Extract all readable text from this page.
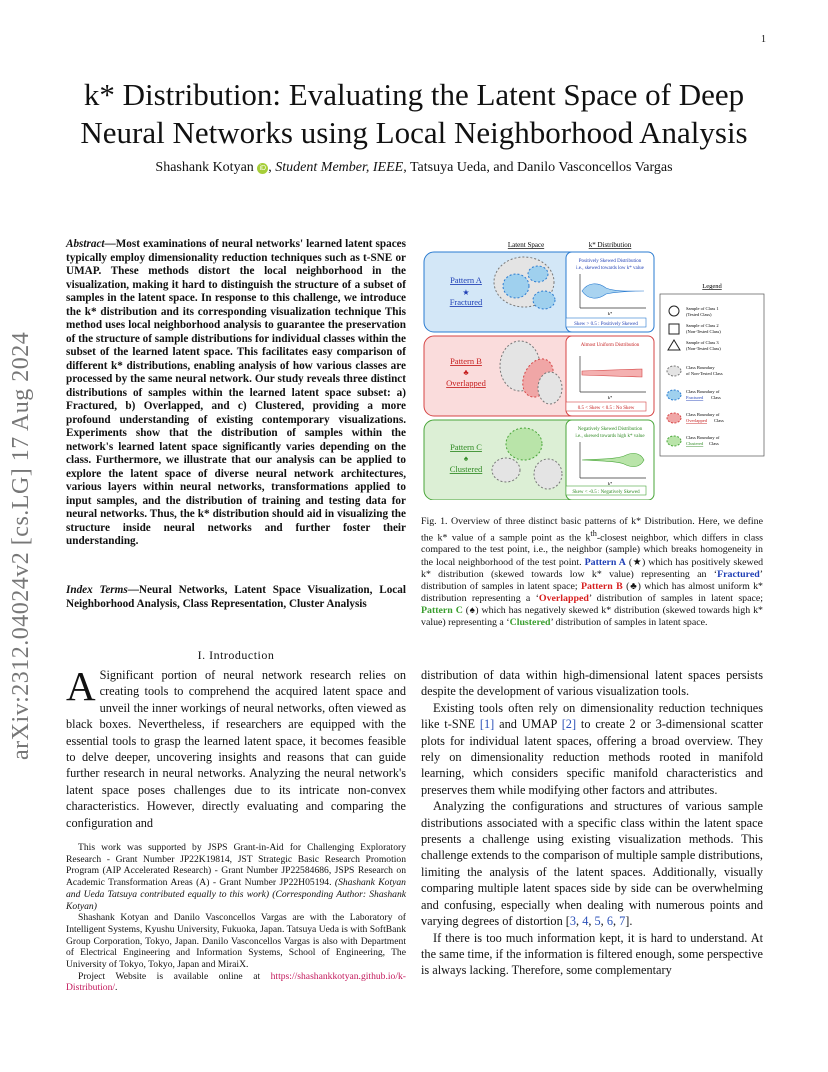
1
arXiv:2312.04024v2 [cs.LG] 17 Aug 2024
k* Distribution: Evaluating the Latent Space of Deep Neural Networks using Local Neighborhood Analysis
Shashank Kotyan iD , Student Member, IEEE, Tatsuya Ueda, and Danilo Vasconcellos Vargas
Abstract—Most examinations of neural networks' learned latent spaces typically employ dimensionality reduction techniques such as t-SNE or UMAP. These methods distort the local neighborhood in the visualization, making it hard to distinguish the structure of a subset of samples in the latent space. In response to this challenge, we introduce the k* distribution and its corresponding visualization technique This method uses local neighborhood analysis to guarantee the preservation of the structure of sample distributions for individual classes within the subset of the learned latent space. This facilitates easy comparison of different k* distributions, enabling analysis of how various classes are processed by the same neural network. Our study reveals three distinct distributions of samples within the learned latent space subset: a) Fractured, b) Overlapped, and c) Clustered, providing a more profound understanding of existing contemporary visualizations. Experiments show that the distribution of samples within the network's learned latent space significantly varies depending on the class. Furthermore, we illustrate that our analysis can be applied to explore the latent space of diverse neural network architectures, various layers within neural networks, transformations applied to input samples, and the distribution of training and testing data for neural networks. Thus, the k* distribution should aid in visualizing the structure inside neural networks and further foster their understanding.
Index Terms—Neural Networks, Latent Space Visualization, Local Neighborhood Analysis, Class Representation, Cluster Analysis
Latent Space	k* Distribution
Pattern A
★
Fractured
Positively Skewed Distribution
i.e., skewed towards low k* value
k*
Skew > 0.5 : Positively Skewed
Pattern B
♣
Overlapped
Almost Uniform Distribution
k*
0.5 < Skew < 0.5 : No Skew
Pattern C
♠
Clustered
Negatively Skewed Distribution
i.e., skewed towards high k* value
k*
Skew < -0.5 : Negatively Skewed
Legend
Sample of Class 1
(Tested Class)
Sample of Class 2
(Non-Tested Class)
Sample of Class 3
(Non-Tested Class)
Class Boundary
of Non-Tested Class
Class Boundary of
Fractured Class
Class Boundary of
Overlapped Class
Class Boundary of
Clustered Class
Fig. 1. Overview of three distinct basic patterns of k* Distribution. Here, we define the k* value of a sample point as the $k^{th}$-closest neighbor, which differs in class compared to the test point, i.e., the neighbor (sample) which breaks homogeneity in the local neighborhood of the test point. Pattern A (★) which has positively skewed k* distribution (skewed towards low k* value) representing an ‘Fractured’ distribution of samples in latent space; Pattern B (♣) which has almost uniform k* distribution representing a ‘Overlapped’ distribution of samples in latent space; Pattern C (♠) which has negatively skewed k* distribution (skewed towards high k* value) representing a ‘Clustered’ distribution of samples in latent space.
I. Introduction
A Significant portion of neural network research relies on creating tools to comprehend the acquired latent space and unveil the inner workings of neural networks, often viewed as black boxes. Nevertheless, if researchers are equipped with the essential tools to grasp the learned latent space, it becomes feasible to delve deeper, uncovering insights and reasons that can guide further research in neural networks. Analyzing the neural network's latent space poses challenges due to its intricate non-convex characteristics. However, directly evaluating and comparing the configuration and

This work was supported by JSPS Grant-in-Aid for Challenging Exploratory Research - Grant Number JP22K19814, JST Strategic Basic Research Promotion Program (AIP Accelerated Research) - Grant Number JP22584686, JSPS Research on Academic Transformation Areas (A) - Grant Number JP22H05194. (Shashank Kotyan and Ueda Tatsuya contributed equally to this work) (Corresponding Author: Shashank Kotyan)

Shashank Kotyan and Danilo Vasconcellos Vargas are with the Laboratory of Intelligent Systems, Kyushu University, Fukuoka, Japan. Tatsuya Ueda is with SoftBank Group Corporation, Tokyo, Japan. Danilo Vasconcellos Vargas is also with Department of Electrical Engineering and Information Systems, School of Engineering, The University of Tokyo, Tokyo, Japan and MiraiX.

Project Website is available online at https://shashankkotyan.github.io/k-Distribution/.

distribution of data within high-dimensional latent spaces persists despite the development of various visualization tools.

Existing tools often rely on dimensionality reduction techniques like t-SNE [1] and UMAP [2] to create 2 or 3-dimensional scatter plots for individual latent spaces, offering a broad overview. They rely on dimensionality reduction methods rooted in manifold learning, which considers specific manifold characteristics and preserves them while modifying other factors and attributes.

Analyzing the configurations and structures of various sample distributions associated with a specific class within the latent space presents a challenge using existing visualization methods. This challenge extends to the comparison of multiple sample distributions, limiting the analysis of the latent spaces. Additionally, visually comparing multiple latent spaces side by side can be overwhelming and confusing, especially when dealing with numerous points and varying degrees of distortion [3, 4, 5, 6, 7].

If there is too much information kept, it is hard to understand. At the same time, if the information is filtered enough, some perspective is always lacking. Therefore, some complementary
